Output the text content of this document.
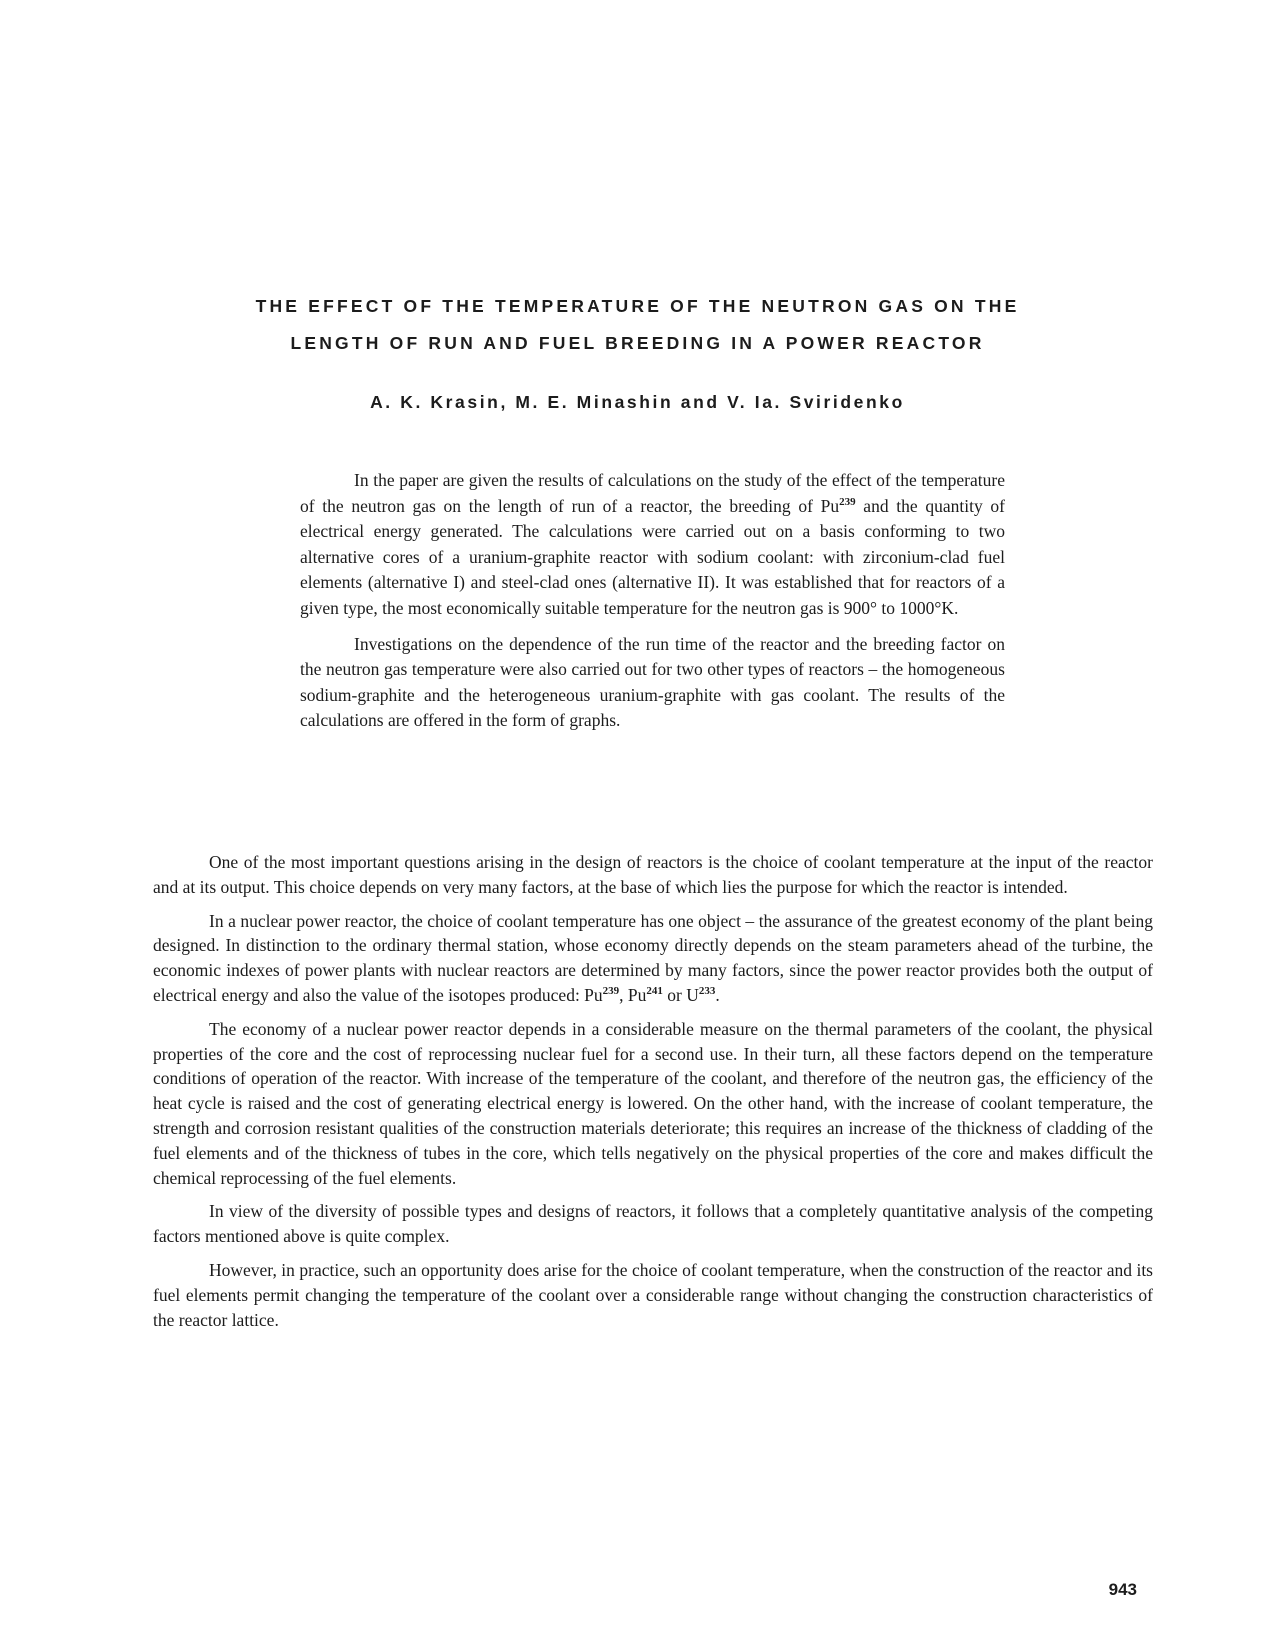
THE EFFECT OF THE TEMPERATURE OF THE NEUTRON GAS ON THE
LENGTH OF RUN AND FUEL BREEDING IN A POWER REACTOR
A. K. Krasin, M. E. Minashin and V. Ia. Sviridenko

In the paper are given the results of calculations on the study of the effect of the temperature of the neutron gas on the length of run of a reactor, the breeding of Pu$^{239}$ and the quantity of electrical energy generated. The calculations were carried out on a basis conforming to two alternative cores of a uranium-graphite reactor with sodium coolant: with zirconium-clad fuel elements (alternative I) and steel-clad ones (alternative II). It was established that for reactors of a given type, the most economically suitable temperature for the neutron gas is 900° to 1000°K.

Investigations on the dependence of the run time of the reactor and the breeding factor on the neutron gas temperature were also carried out for two other types of reactors – the homogeneous sodium-graphite and the heterogeneous uranium-graphite with gas coolant. The results of the calculations are offered in the form of graphs.

One of the most important questions arising in the design of reactors is the choice of coolant temperature at the input of the reactor and at its output. This choice depends on very many factors, at the base of which lies the purpose for which the reactor is intended.

In a nuclear power reactor, the choice of coolant temperature has one object – the assurance of the greatest economy of the plant being designed. In distinction to the ordinary thermal station, whose economy directly depends on the steam parameters ahead of the turbine, the economic indexes of power plants with nuclear reactors are determined by many factors, since the power reactor provides both the output of electrical energy and also the value of the isotopes produced: Pu$^{239}$, Pu$^{241}$ or $U^{233}$.

The economy of a nuclear power reactor depends in a considerable measure on the thermal parameters of the coolant, the physical properties of the core and the cost of reprocessing nuclear fuel for a second use. In their turn, all these factors depend on the temperature conditions of operation of the reactor. With increase of the temperature of the coolant, and therefore of the neutron gas, the efficiency of the heat cycle is raised and the cost of generating electrical energy is lowered. On the other hand, with the increase of coolant temperature, the strength and corrosion resistant qualities of the construction materials deteriorate; this requires an increase of the thickness of cladding of the fuel elements and of the thickness of tubes in the core, which tells negatively on the physical properties of the core and makes difficult the chemical reprocessing of the fuel elements.

In view of the diversity of possible types and designs of reactors, it follows that a completely quantitative analysis of the competing factors mentioned above is quite complex.

However, in practice, such an opportunity does arise for the choice of coolant temperature, when the construction of the reactor and its fuel elements permit changing the temperature of the coolant over a considerable range without changing the construction characteristics of the reactor lattice.

943
